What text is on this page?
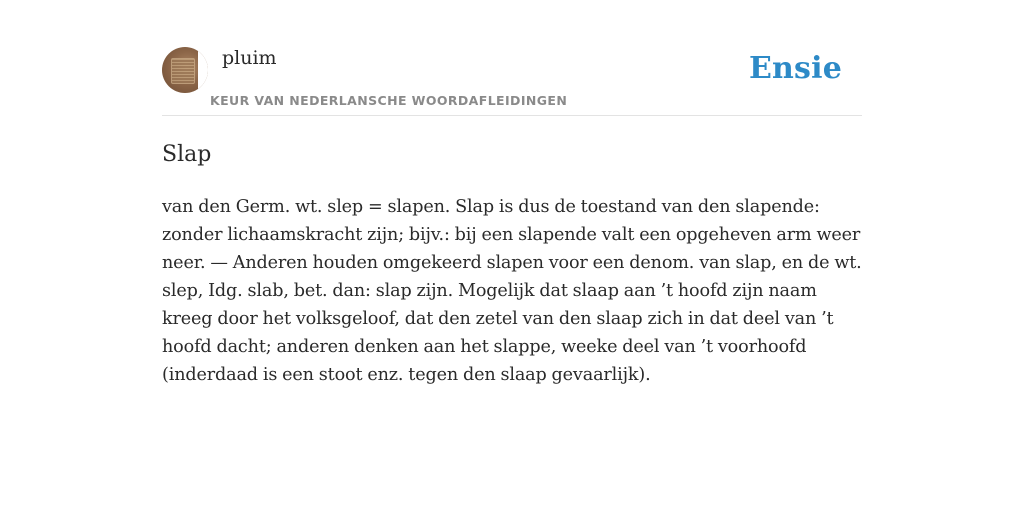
pluim
KEUR VAN NEDERLANSCHE WOORDAFLEIDINGEN
Ensie
Slap

van den Germ. wt. slep = slapen. Slap is dus de toestand van den slapende: zonder lichaamskracht zijn; bijv.: bij een slapende valt een opgeheven arm weer neer. — Anderen houden omgekeerd slapen voor een denom. van slap, en de wt. slep, Idg. slab, bet. dan: slap zijn. Mogelijk dat slaap aan ’t hoofd zijn naam kreeg door het volksgeloof, dat den zetel van den slaap zich in dat deel van ’t hoofd dacht; anderen denken aan het slappe, weeke deel van ’t voorhoofd (inderdaad is een stoot enz. tegen den slaap gevaarlijk).
